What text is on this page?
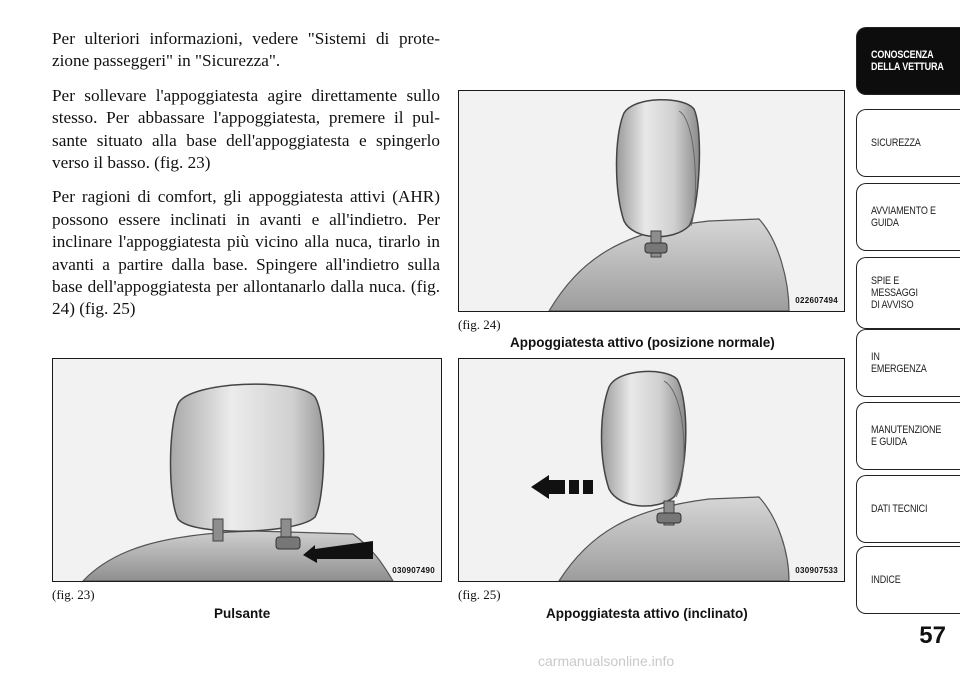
Per ulteriori informazioni, vedere "Sistemi di prote-zione passeggeri" in "Sicurezza".

Per sollevare l'appoggiatesta agire direttamente sullo stesso. Per abbassare l'appoggiatesta, premere il pul-sante situato alla base dell'appoggiatesta e spingerlo verso il basso. (fig. 23)

Per ragioni di comfort, gli appoggiatesta attivi (AHR) possono essere inclinati in avanti e all'indietro. Per inclinare l'appoggiatesta più vicino alla nuca, tirarlo in avanti a partire dalla base. Spingere all'indietro sulla base dell'appoggiatesta per allontanarlo dalla nuca. (fig. 24) (fig. 25)	022607494
(fig. 24)
Appoggiatesta attivo (posizione normale)
030907490
(fig. 23)
Pulsante
030907533
(fig. 25)
Appoggiatesta attivo (inclinato)
CONOSCENZA
DELLA VETTURA
SICUREZZA
AVVIAMENTO E
GUIDA
SPIE E
MESSAGGI
DI AVVISO
IN
EMERGENZA
MANUTENZIONE
E GUIDA
DATI TECNICI
INDICE
57
carmanualsonline.info
